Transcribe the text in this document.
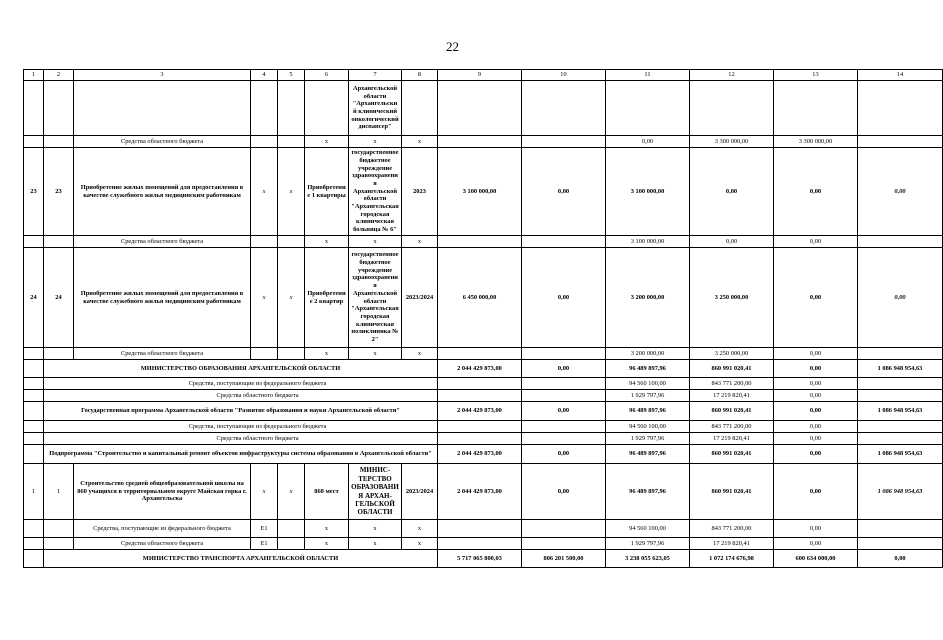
22
1	2	3	4	5	6	7	8	9	10	11	12	13	14
						Архангельской области "Архангельский клинический онкологический диспансер"							
		Средства областного бюджета			х	х	х			0,00	3 300 000,00	3 300 000,00	
23	23	Приобретение жилых помещений для предоставления в качестве служебного жилья медицинским работникам	х	х	Приобретение 1 квартиры	государственное бюджетное учреждение здравоохранения Архангельской области "Архангельская городская клиническая больница № 6"	2023	3 100 000,00	0,00	3 100 000,00	0,00	0,00	0,00
		Средства областного бюджета			х	х	х			3 100 000,00	0,00	0,00	
24	24	Приобретение жилых помещений для предоставления в качестве служебного жилья медицинским работникам	х	х	Приобретение 2 квартир	государственное бюджетное учреждение здравоохранения Архангельской области "Архангельская городская клиническая поликлиника № 2"	2023/2024	6 450 000,00	0,00	3 200 000,00	3 250 000,00	0,00	0,00
		Средства областного бюджета			х	х	х			3 200 000,00	3 250 000,00	0,00	
	МИНИСТЕРСТВО ОБРАЗОВАНИЯ АРХАНГЕЛЬСКОЙ ОБЛАСТИ							2 044 429 873,00	0,00	96 489 897,96	860 991 020,41	0,00	1 086 948 954,63
	Средства, поступающие из федерального бюджета									94 560 100,00	843 771 200,00	0,00	
	Средства областного бюджета									1 929 797,96	17 219 820,41	0,00	
	Государственная программа Архангельской области "Развитие образования и науки Архангельской области"							2 044 429 873,00	0,00	96 489 897,96	860 991 020,41	0,00	1 086 948 954,63
	Средства, поступающие из федерального бюджета									94 560 100,00	843 771 200,00	0,00	
	Средства областного бюджета									1 929 797,96	17 219 820,41	0,00	
	Подпрограмма "Строительство и капитальный ремонт объектов инфраструктуры системы образования в Архангельской области"							2 044 429 873,00	0,00	96 489 897,96	860 991 020,41	0,00	1 086 948 954,63
1	1	Строительство средней общеобразовательной школы на 860 учащихся в территориальном округе Майская горка г. Архангельска	х	х	860 мест	МИНИС-ТЕРСТВО ОБРАЗОВАНИЯ АРХАН-ГЕЛЬСКОЙ ОБЛАСТИ	2023/2024	2 044 429 873,00	0,00	96 489 897,96	860 991 020,41	0,00	1 086 948 954,63
		Средства, поступающие из федерального бюджета	Е1		х	х	х			94 560 100,00	843 771 200,00	0,00	
		Средства областного бюджета	Е1		х	х	х			1 929 797,96	17 219 820,41	0,00	
	МИНИСТЕРСТВО ТРАНСПОРТА АРХАНГЕЛЬСКОЙ ОБЛАСТИ							5 717 065 800,03	806 201 500,00	3 238 055 623,05	1 072 174 676,98	600 634 000,00	0,00
